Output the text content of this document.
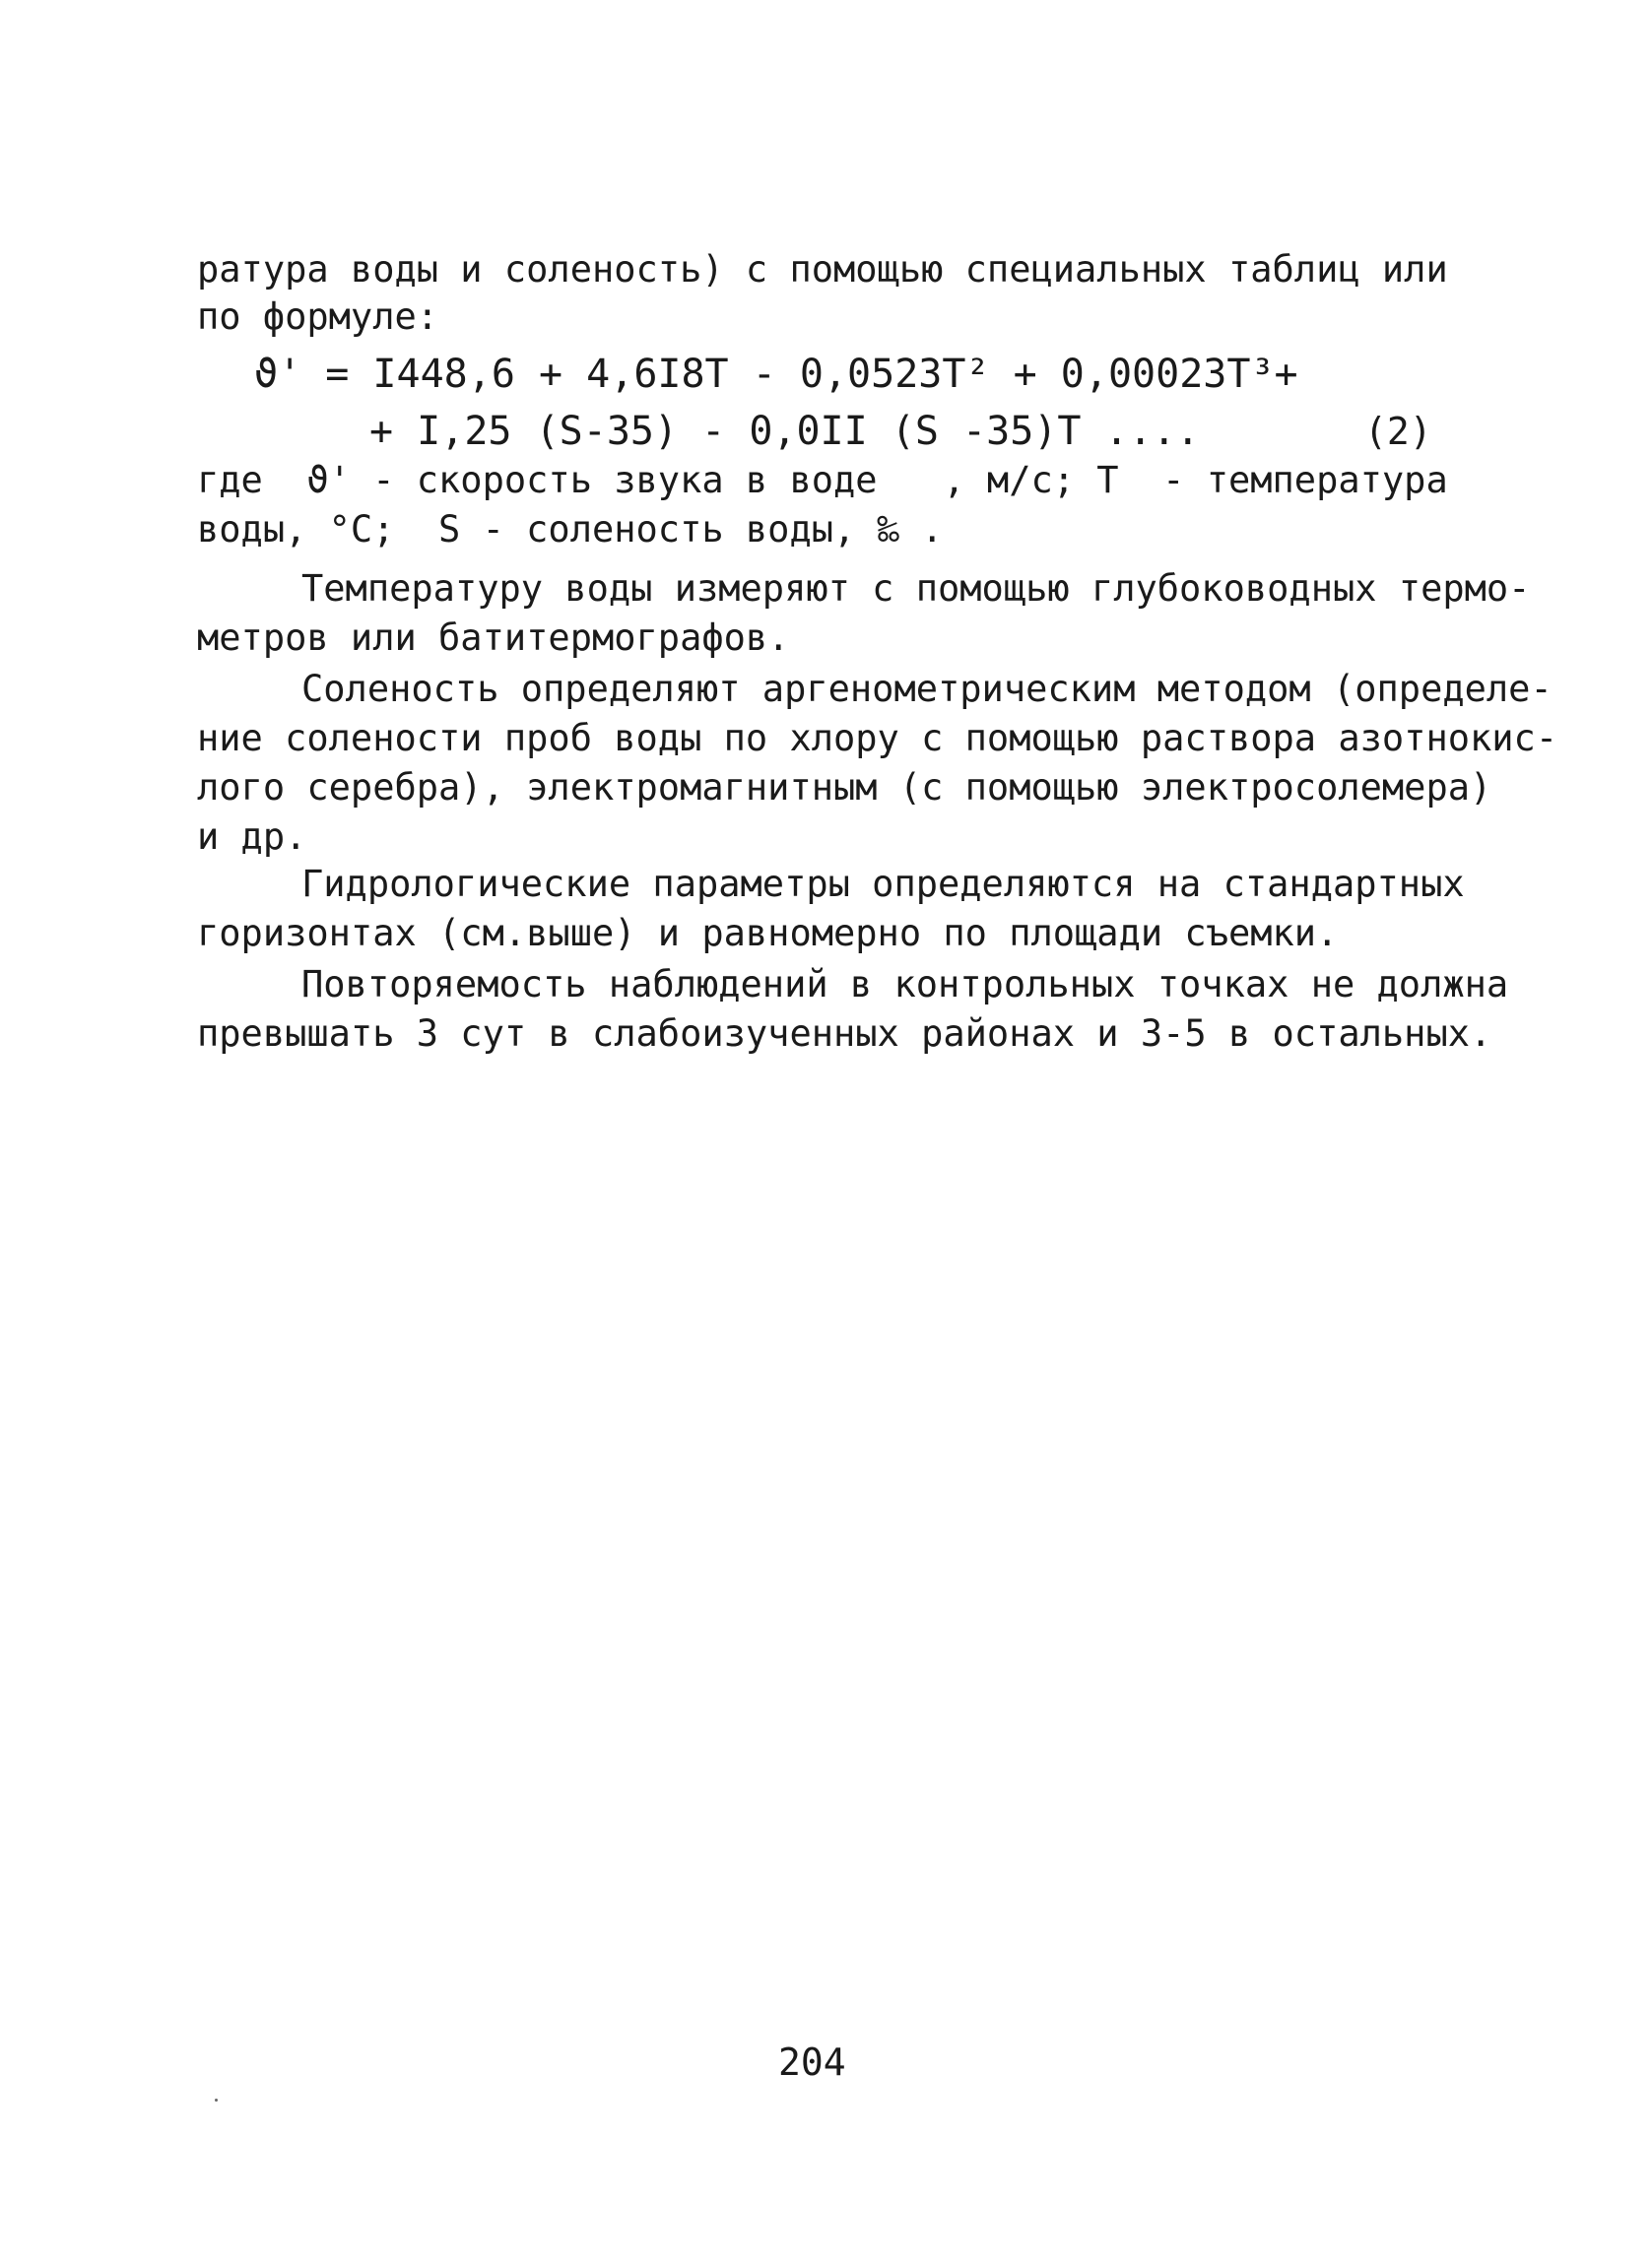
ратура воды и соленость) с помощью специальных таблиц или
по формуле:
ϑ' = I448,6 + 4,6I8T - 0,0523T² + 0,00023T³+
+ I,25 (S-35) - 0,0II (S -35)T ....	(2)
где  ϑ' - скорость звука в воде   , м/с; T  - температура
воды, °C;  S - соленость воды, ‰ .
Температуру воды измеряют с помощью глубоководных термо-
метров или батитермографов.
Соленость определяют аргенометрическим методом (определе-
ние солености проб воды по хлору с помощью раствора азотнокис-
лого серебра), электромагнитным (с помощью электросолемера)
и др.
Гидрологические параметры определяются на стандартных
горизонтах (см.выше) и равномерно по площади съемки.
Повторяемость наблюдений в контрольных точках не должна
превышать 3 сут в слабоизученных районах и 3-5 в остальных.
204
